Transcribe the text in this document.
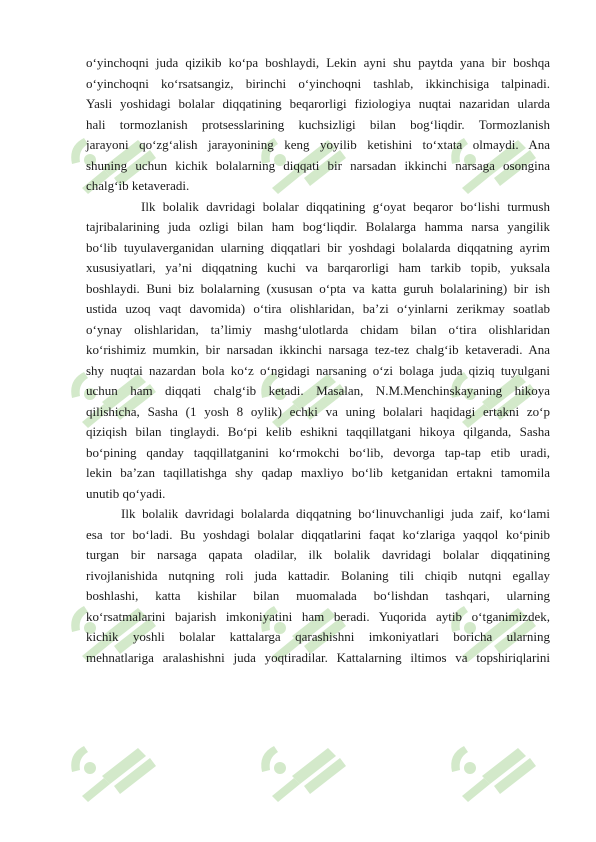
o‘yinchoqni juda qizikib ko‘pa boshlaydi, Lekin ayni shu paytda yana bir boshqa
o‘yinchoqni ko‘rsatsangiz, birinchi o‘yinchoqni tashlab, ikkinchisiga talpinadi.
Yasli yoshidagi bolalar diqqatining beqarorligi fiziologiya nuqtai nazaridan ularda
hali tormozlanish protsesslarining kuchsizligi bilan bog‘liqdir. Tormozlanish
jarayoni qo‘zg‘alish jarayonining keng yoyilib ketishini to‘xtata olmaydi. Ana
shuning uchun kichik bolalarning diqqati bir narsadan ikkinchi narsaga osongina
chalg‘ib ketaveradi.
Ilk bolalik davridagi bolalar diqqatining g‘oyat beqaror bo‘lishi turmush
tajribalarining juda ozligi bilan ham bog‘liqdir. Bolalarga hamma narsa yangilik
bo‘lib tuyulaverganidan ularning diqqatlari bir yoshdagi bolalarda diqqatning ayrim
xususiyatlari, ya’ni diqqatning kuchi va barqarorligi ham tarkib topib, yuksala
boshlaydi. Buni biz bolalarning (xususan o‘pta va katta guruh bolalarining) bir ish
ustida uzoq vaqt davomida) o‘tira olishlaridan, ba’zi o‘yinlarni zerikmay soatlab
o‘ynay olishlaridan, ta’limiy mashg‘ulotlarda chidam bilan o‘tira olishlaridan
ko‘rishimiz mumkin, bir narsadan ikkinchi narsaga tez-tez chalg‘ib ketaveradi. Ana
shy nuqtai nazardan bola ko‘z o‘ngidagi narsaning o‘zi bolaga juda qiziq tuyulgani
uchun ham diqqati chalg‘ib ketadi. Masalan, N.M.Menchinskayaning hikoya
qilishicha, Sasha (1 yosh 8 oylik) echki va uning bolalari haqidagi ertakni zo‘p
qiziqish bilan tinglaydi. Bo‘pi kelib eshikni taqqillatgani hikoya qilganda, Sasha
bo‘pining qanday taqqillatganini ko‘rmokchi bo‘lib, devorga tap-tap etib uradi,
lekin ba’zan taqillatishga shy qadap maxliyo bo‘lib ketganidan ertakni tamomila
unutib qo‘yadi.
Ilk bolalik davridagi bolalarda diqqatning bo‘linuvchanligi juda zaif, ko‘lami
esa tor bo‘ladi. Bu yoshdagi bolalar diqqatlarini faqat ko‘zlariga yaqqol ko‘pinib
turgan bir narsaga qapata oladilar, ilk bolalik davridagi bolalar diqqatining
rivojlanishida nutqning roli juda kattadir. Bolaning tili chiqib nutqni egallay
boshlashi, katta kishilar bilan muomalada bo‘lishdan tashqari, ularning
ko‘rsatmalarini bajarish imkoniyatini ham beradi. Yuqorida aytib o‘tganimizdek,
kichik yoshli bolalar kattalarga qarashishni imkoniyatlari boricha ularning
mehnatlariga aralashishni juda yoqtiradilar. Kattalarning iltimos va topshiriqlarini
